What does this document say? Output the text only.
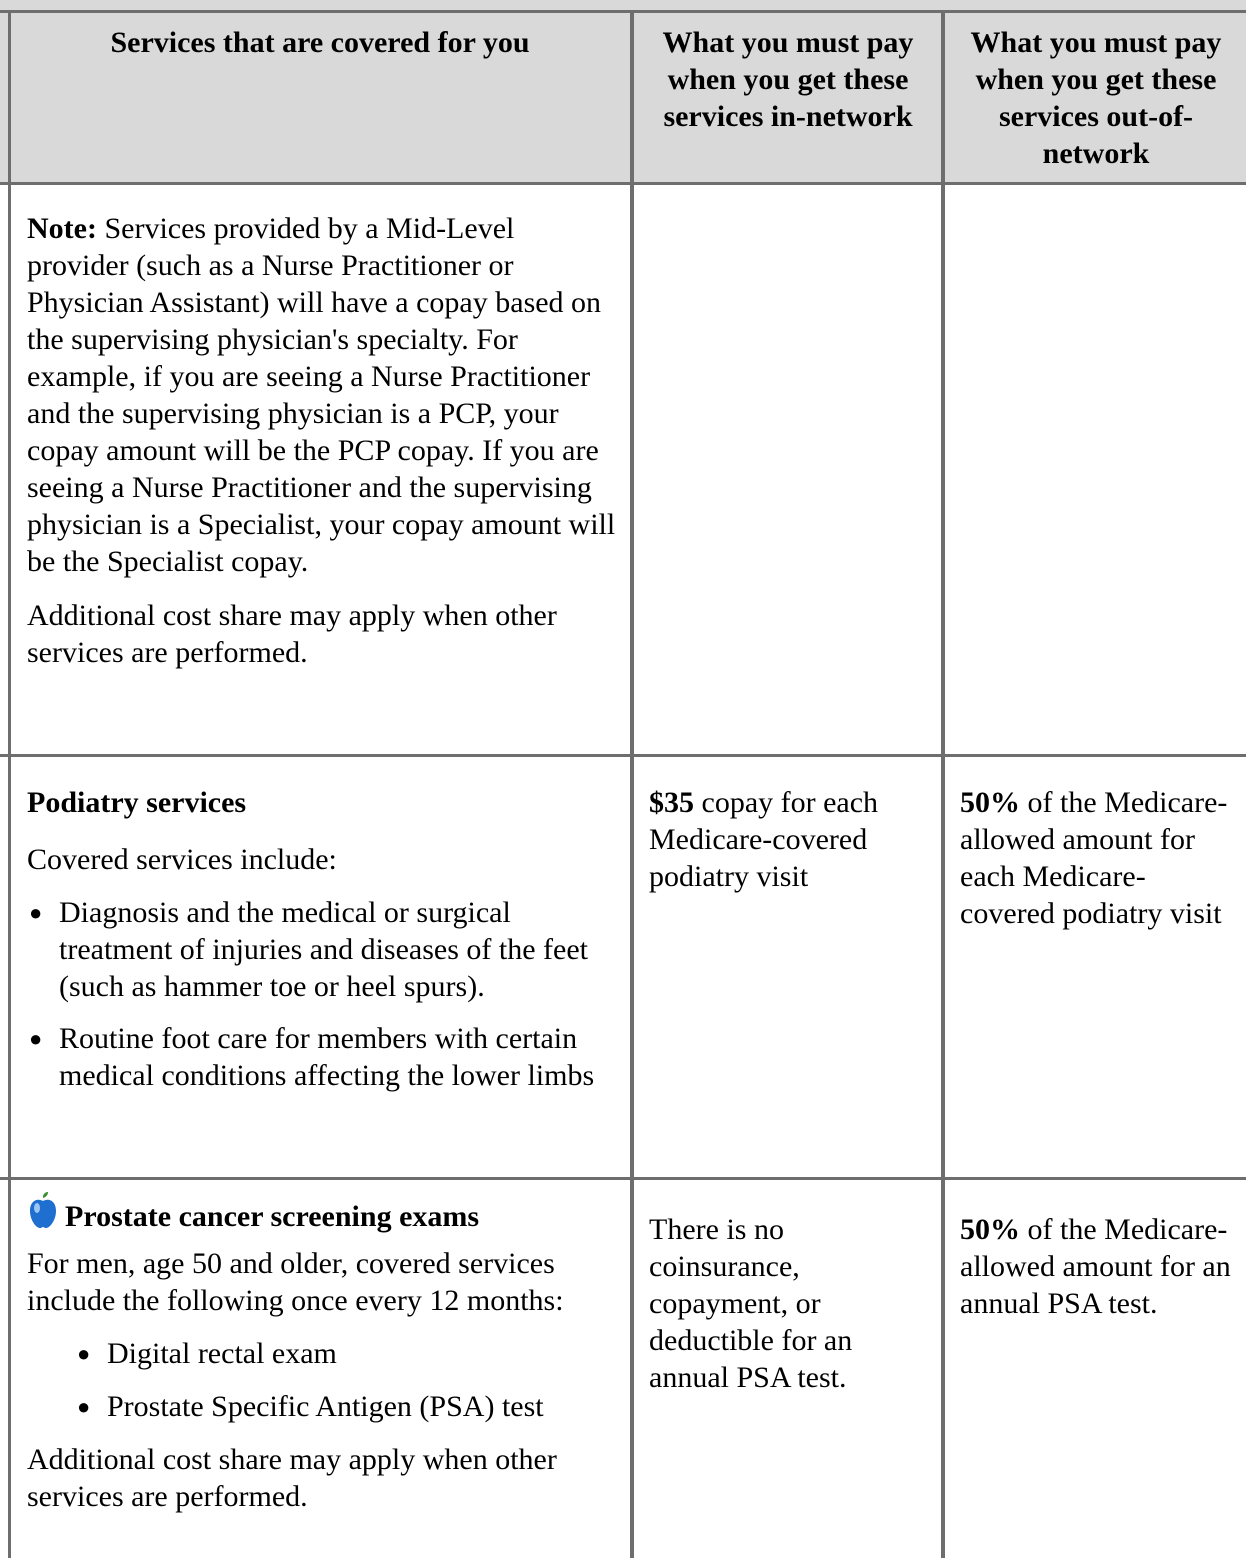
Services that are covered for you	What you must pay when you get these services in-network
What you must pay when you get these services out-of-network

Note: Services provided by a Mid-Level provider (such as a Nurse Practitioner or Physician Assistant) will have a copay based on the supervising physician's specialty. For example, if you are seeing a Nurse Practitioner and the supervising physician is a PCP, your copay amount will be the PCP copay. If you are seeing a Nurse Practitioner and the supervising physician is a Specialist, your copay amount will be the Specialist copay.

Additional cost share may apply when other services are performed.

Podiatry services

Covered services include:

● Diagnosis and the medical or surgical treatment of injuries and diseases of the feet (such as hammer toe or heel spurs).
● Routine foot care for members with certain medical conditions affecting the lower limbs

$35 copay for each Medicare-covered podiatry visit

50% of the Medicare-allowed amount for each Medicare-covered podiatry visit

Prostate cancer screening exams

For men, age 50 and older, covered services include the following once every 12 months:

● Digital rectal exam
● Prostate Specific Antigen (PSA) test

Additional cost share may apply when other services are performed.

There is no coinsurance, copayment, or deductible for an annual PSA test.

50% of the Medicare-allowed amount for an annual PSA test.
